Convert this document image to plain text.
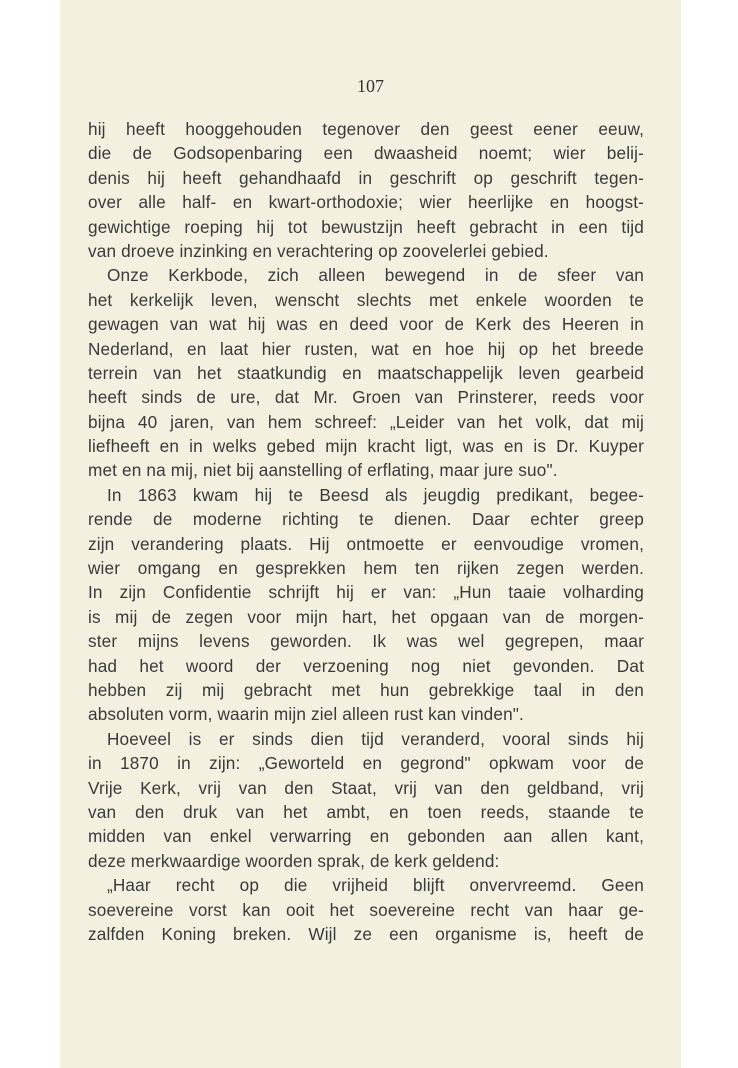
107
hij heeft hooggehouden tegenover den geest eener eeuw,
die de Godsopenbaring een dwaasheid noemt; wier belij-
denis hij heeft gehandhaafd in geschrift op geschrift tegen-
over alle half- en kwart-orthodoxie; wier heerlijke en hoogst-
gewichtige roeping hij tot bewustzijn heeft gebracht in een tijd
van droeve inzinking en verachtering op zoovelerlei gebied.
Onze Kerkbode, zich alleen bewegend in de sfeer van
het kerkelijk leven, wenscht slechts met enkele woorden te
gewagen van wat hij was en deed voor de Kerk des Heeren in
Nederland, en laat hier rusten, wat en hoe hij op het breede
terrein van het staatkundig en maatschappelijk leven gearbeid
heeft sinds de ure, dat Mr. Groen van Prinsterer, reeds voor
bijna 40 jaren, van hem schreef: „Leider van het volk, dat mij
liefheeft en in welks gebed mijn kracht ligt, was en is Dr. Kuyper
met en na mij, niet bij aanstelling of erflating, maar jure suo".
In 1863 kwam hij te Beesd als jeugdig predikant, begee-
rende de moderne richting te dienen. Daar echter greep
zijn verandering plaats. Hij ontmoette er eenvoudige vromen,
wier omgang en gesprekken hem ten rijken zegen werden.
In zijn Confidentie schrijft hij er van: „Hun taaie volharding
is mij de zegen voor mijn hart, het opgaan van de morgen-
ster mijns levens geworden. Ik was wel gegrepen, maar
had het woord der verzoening nog niet gevonden. Dat
hebben zij mij gebracht met hun gebrekkige taal in den
absoluten vorm, waarin mijn ziel alleen rust kan vinden".
Hoeveel is er sinds dien tijd veranderd, vooral sinds hij
in 1870 in zijn: „Geworteld en gegrond" opkwam voor de
Vrije Kerk, vrij van den Staat, vrij van den geldband, vrij
van den druk van het ambt, en toen reeds, staande te
midden van enkel verwarring en gebonden aan allen kant,
deze merkwaardige woorden sprak, de kerk geldend:
„Haar recht op die vrijheid blijft onvervreemd. Geen
soevereine vorst kan ooit het soevereine recht van haar ge-
zalfden Koning breken. Wijl ze een organisme is, heeft de
